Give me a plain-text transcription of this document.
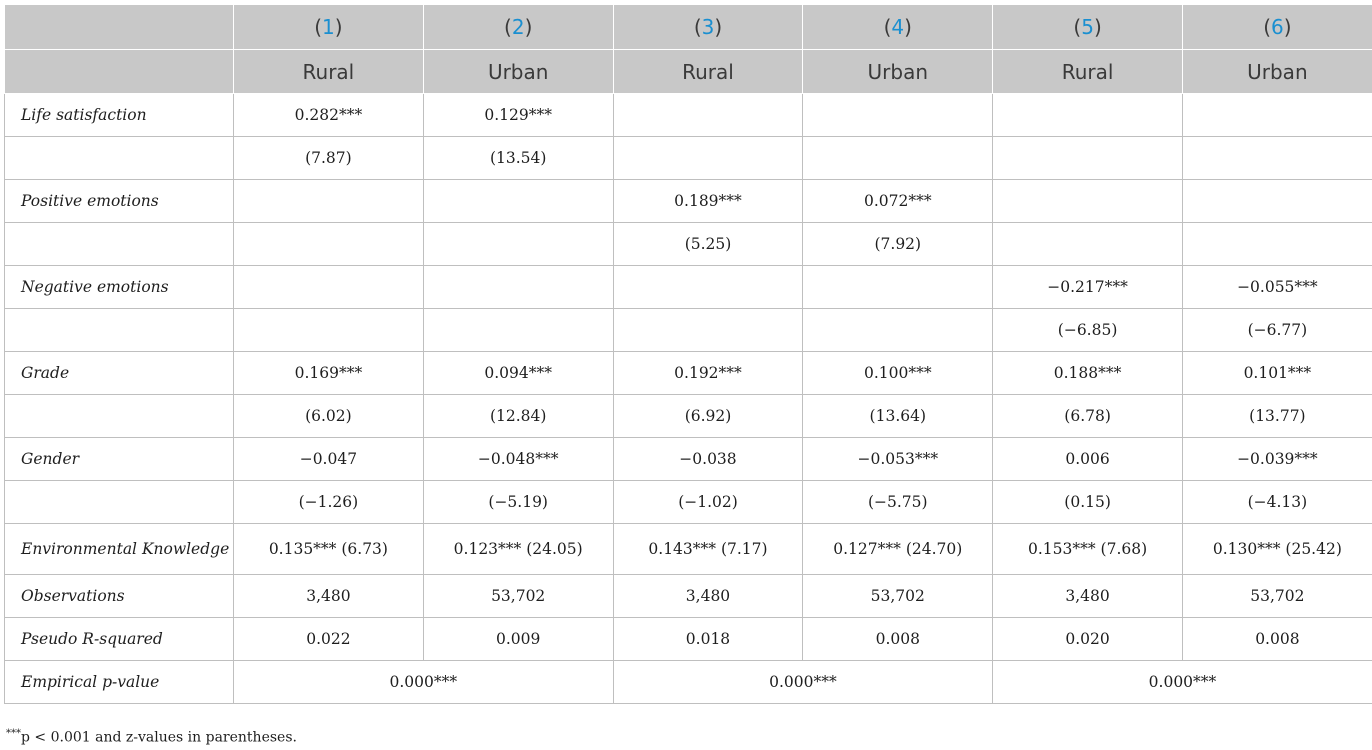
	(1)	(2)	(3)	(4)	(5)	(6)
	Rural	Urban	Rural	Urban	Rural	Urban
Life satisfaction	0.282***	0.129***				
	(7.87)	(13.54)				
Positive emotions			0.189***	0.072***		
			(5.25)	(7.92)		
Negative emotions					−0.217***	−0.055***
					(−6.85)	(−6.77)
Grade	0.169***	0.094***	0.192***	0.100***	0.188***	0.101***
	(6.02)	(12.84)	(6.92)	(13.64)	(6.78)	(13.77)
Gender	−0.047	−0.048***	−0.038	−0.053***	0.006	−0.039***
	(−1.26)	(−5.19)	(−1.02)	(−5.75)	(0.15)	(−4.13)
Environmental Knowledge	0.135*** (6.73)	0.123*** (24.05)	0.143*** (7.17)	0.127*** (24.70)	0.153*** (7.68)	0.130*** (25.42)
Observations	3,480	53,702	3,480	53,702	3,480	53,702
Pseudo R-squared	0.022	0.009	0.018	0.008	0.020	0.008
Empirical p-value	0.000***		0.000***		0.000***	
***p < 0.001 and z-values in parentheses.
